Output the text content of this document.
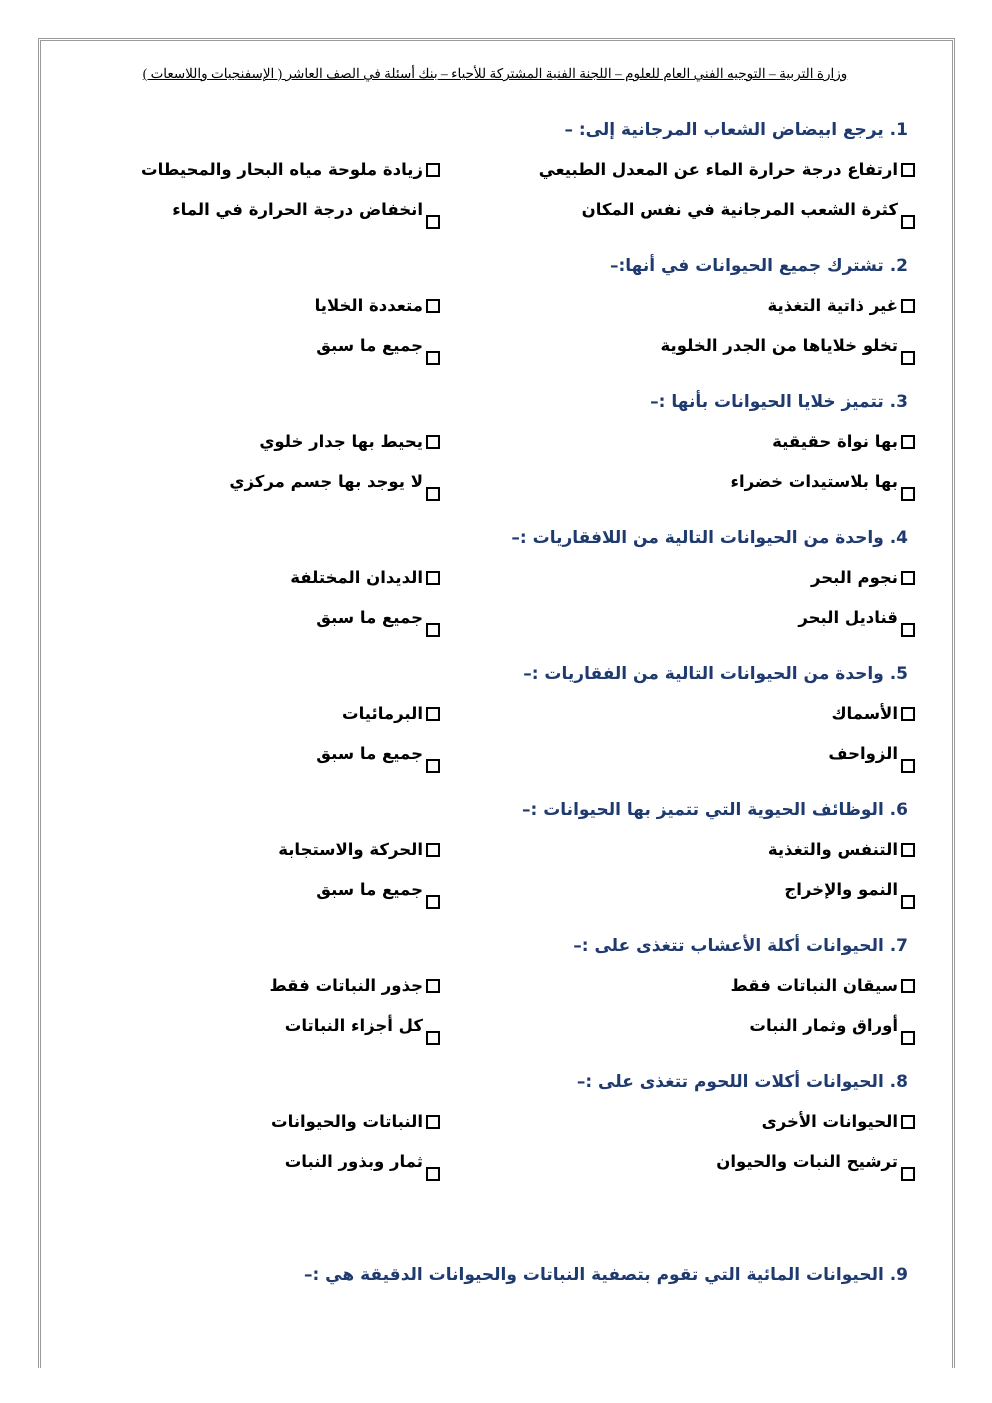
وزارة التربية – التوجيه الفني العام للعلوم – اللجنة الفنية المشتركة للأحياء – بنك أسئلة في الصف العاشر ( الإسفنجيات واللاسعات )
1. يرجع ابيضاض الشعاب المرجانية إلى: –
ارتفاع درجة حرارة الماء عن المعدل الطبيعي
زيادة ملوحة مياه البحار والمحيطات
كثرة الشعب المرجانية في نفس المكان
انخفاض درجة الحرارة في الماء
2. تشترك جميع الحيوانات في أنها:–
غير ذاتية التغذية
متعددة الخلايا
تخلو خلاياها من الجدر الخلوية
جميع ما سبق
3. تتميز خلايا الحيوانات بأنها :–
بها نواة حقيقية
يحيط بها جدار خلوي
بها بلاستيدات خضراء
لا يوجد بها جسم مركزي
4. واحدة من الحيوانات التالية من اللافقاريات :–
نجوم البحر
الديدان المختلفة
قناديل البحر
جميع ما سبق
5. واحدة من الحيوانات التالية من الفقاريات :–
الأسماك
البرمائيات
الزواحف
جميع ما سبق
6. الوظائف الحيوية التي تتميز بها الحيوانات :–
التنفس والتغذية
الحركة والاستجابة
النمو والإخراج
جميع ما سبق
7. الحيوانات أكلة الأعشاب تتغذى على :–
سيقان النباتات فقط
جذور النباتات فقط
أوراق وثمار النبات
كل أجزاء النباتات
8. الحيوانات أكلات اللحوم تتغذى على :–
الحيوانات الأخرى
النباتات والحيوانات
ترشيح النبات والحيوان
ثمار وبذور النبات
9. الحيوانات المائية التي تقوم بتصفية النباتات والحيوانات الدقيقة هي :–
